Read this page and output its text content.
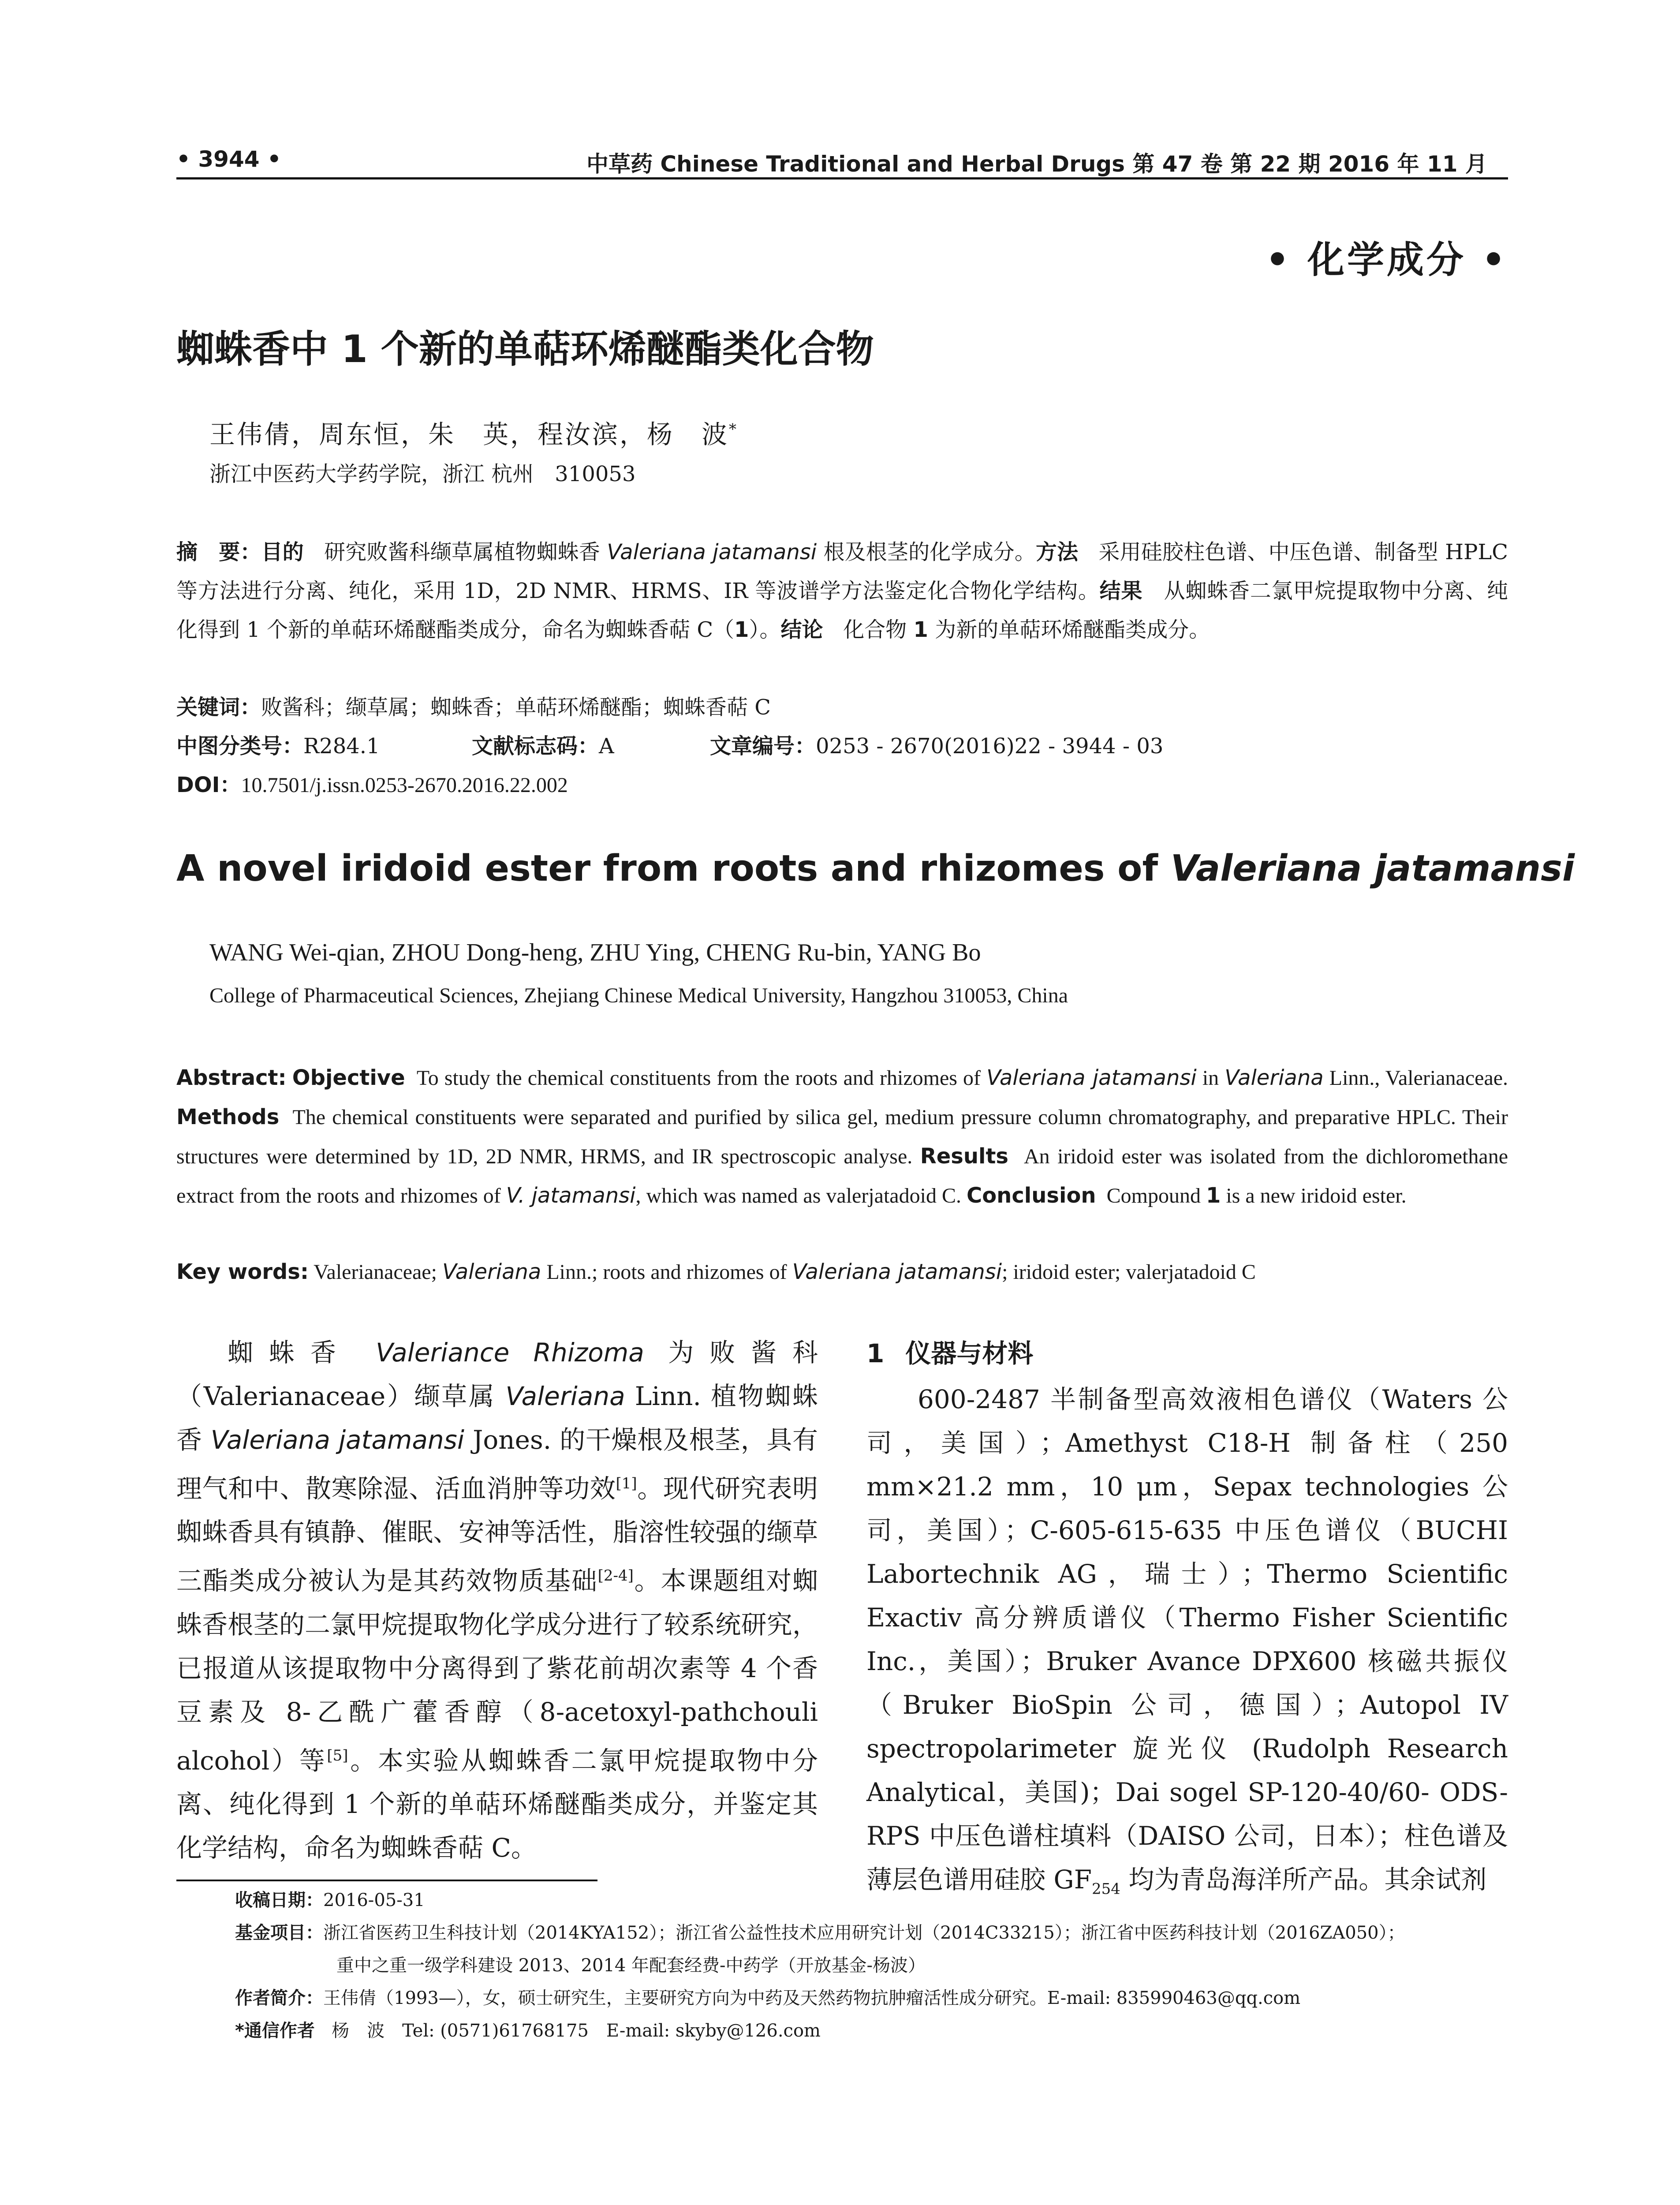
• 3944 •	中草药 Chinese Traditional and Herbal Drugs 第 47 卷 第 22 期 2016 年 11 月
• 化学成分 •
蜘蛛香中 1 个新的单萜环烯醚酯类化合物
王伟倩，周东恒，朱　英，程汝滨，杨　波*
浙江中医药大学药学院，浙江 杭州　310053
摘　要：目的 研究败酱科缬草属植物蜘蛛香 Valeriana jatamansi 根及根茎的化学成分。方法 采用硅胶柱色谱、中压色谱、制备型 HPLC 等方法进行分离、纯化，采用 1D，2D NMR、HRMS、IR 等波谱学方法鉴定化合物化学结构。结果 从蜘蛛香二氯甲烷提取物中分离、纯化得到 1 个新的单萜环烯醚酯类成分，命名为蜘蛛香萜 C（1）。结论 化合物 1 为新的单萜环烯醚酯类成分。
关键词：败酱科；缬草属；蜘蛛香；单萜环烯醚酯；蜘蛛香萜 C
中图分类号：R284.1	文献标志码：A	文章编号：0253 - 2670(2016)22 - 3944 - 03
DOI：10.7501/j.issn.0253-2670.2016.22.002
A novel iridoid ester from roots and rhizomes of Valeriana jatamansi
WANG Wei-qian, ZHOU Dong-heng, ZHU Ying, CHENG Ru-bin, YANG Bo
College of Pharmaceutical Sciences, Zhejiang Chinese Medical University, Hangzhou 310053, China
Abstract: Objective To study the chemical constituents from the roots and rhizomes of Valeriana jatamansi in Valeriana Linn., Valerianaceae. Methods The chemical constituents were separated and purified by silica gel, medium pressure column chromatography, and preparative HPLC. Their structures were determined by 1D, 2D NMR, HRMS, and IR spectroscopic analyse. Results An iridoid ester was isolated from the dichloromethane extract from the roots and rhizomes of V. jatamansi, which was named as valerjatadoid C. Conclusion Compound 1 is a new iridoid ester.
Key words: Valerianaceae; Valeriana Linn.; roots and rhizomes of Valeriana jatamansi; iridoid ester; valerjatadoid C
蜘蛛香 Valeriance Rhizoma 为败酱科（Valerianaceae）缬草属 Valeriana Linn. 植物蜘蛛香 Valeriana jatamansi Jones. 的干燥根及根茎，具有理气和中、散寒除湿、活血消肿等功效[1]。现代研究表明蜘蛛香具有镇静、催眠、安神等活性，脂溶性较强的缬草三酯类成分被认为是其药效物质基础[2-4]。本课题组对蜘蛛香根茎的二氯甲烷提取物化学成分进行了较系统研究，已报道从该提取物中分离得到了紫花前胡次素等 4 个香豆素及 8-乙酰广藿香醇（8-acetoxyl-pathchouli alcohol）等[5]。本实验从蜘蛛香二氯甲烷提取物中分离、纯化得到 1 个新的单萜环烯醚酯类成分，并鉴定其化学结构，命名为蜘蛛香萜 C。
1 仪器与材料
600-2487 半制备型高效液相色谱仪（Waters 公司，美国）；Amethyst C18-H 制备柱（250 mm×21.2 mm，10 μm，Sepax technologies 公司，美国）；C-605-615-635 中压色谱仪（BUCHI Labortechnik AG，瑞士）；Thermo Scientific Exactiv 高分辨质谱仪（Thermo Fisher Scientific Inc.，美国）；Bruker Avance DPX600 核磁共振仪（Bruker BioSpin 公司，德国）；Autopol IV spectropolarimeter 旋光仪 (Rudolph Research Analytical，美国)；Dai sogel SP-120-40/60- ODS-RPS 中压色谱柱填料（DAISO 公司，日本）；柱色谱及薄层色谱用硅胶 $GF_{254}$ 均为青岛海洋所产品。其余试剂
收稿日期：2016-05-31
基金项目：浙江省医药卫生科技计划（2014KYA152）；浙江省公益性技术应用研究计划（2014C33215）；浙江省中医药科技计划（2016ZA050）；
重中之重一级学科建设 2013、2014 年配套经费-中药学（开放基金-杨波）
作者简介：王伟倩（1993—），女，硕士研究生，主要研究方向为中药及天然药物抗肿瘤活性成分研究。E-mail: 835990463@qq.com
*通信作者 杨　波　Tel: (0571)61768175　E-mail: skyby@126.com
